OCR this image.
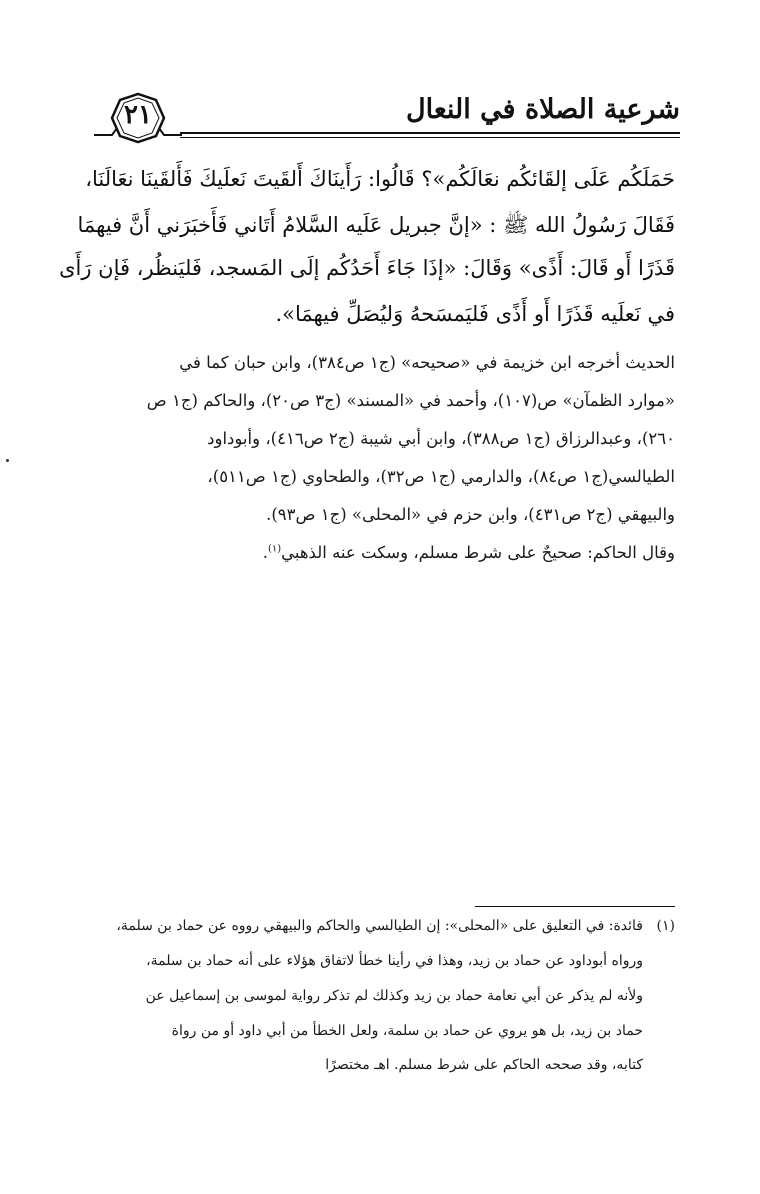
شرعية الصلاة في النعال
٢١
حَمَلَكُم عَلَى إلقَائكُم نعَالَكُم»؟ قَالُوا: رَأَينَاكَ أَلقَيتَ نَعلَيكَ فَأَلقَينَا نعَالَنَا،
فَقَالَ رَسُولُ الله ﷺ : «إنَّ جبريل عَلَيه السَّلامُ أَتَاني فَأَخبَرَني أَنَّ فيهمَا
قَذَرًا أَو قَالَ: أَذًى» وَقَالَ: «إذَا جَاءَ أَحَدُكُم إلَى المَسجد، فَليَنظُر، فَإن رَأَى
في نَعلَيه قَذَرًا أَو أَذًى فَليَمسَحهُ وَليُصَلِّ فيهمَا».
الحديث أخرجه ابن خزيمة في «صحيحه» (ج١ ص٣٨٤)، وابن حبان كما في
«موارد الظمآن» ص(١٠٧)، وأحمد في «المسند» (ج٣ ص٢٠)، والحاكم (ج١ ص
٢٦٠)، وعبدالرزاق (ج١ ص٣٨٨)، وابن أبي شيبة (ج٢ ص٤١٦)، وأبوداود
الطيالسي(ج١ ص٨٤)، والدارمي (ج١ ص٣٢)، والطحاوي (ج١ ص٥١١)،
والبيهقي (ج٢ ص٤٣١)، وابن حزم في «المحلى» (ج١ ص٩٣).
وقال الحاكم: صحيحٌ على شرط مسلم، وسكت عنه الذهبي$^{(١)}$.
(١)
فائدة: في التعليق على «المحلى»: إن الطيالسي والحاكم والبيهقي رووه عن حماد بن سلمة،
ورواه أبوداود عن حماد بن زيد، وهذا في رأينا خطأ لاتفاق هؤلاء على أنه حماد بن سلمة،
ولأنه لم يذكر عن أبي نعامة حماد بن زيد وكذلك لم تذكر رواية لموسى بن إسماعيل عن
حماد بن زيد، بل هو يروي عن حماد بن سلمة، ولعل الخطأ من أبي داود أو من رواة
كتابه، وقد صححه الحاكم على شرط مسلم. اهـ مختصرًا
